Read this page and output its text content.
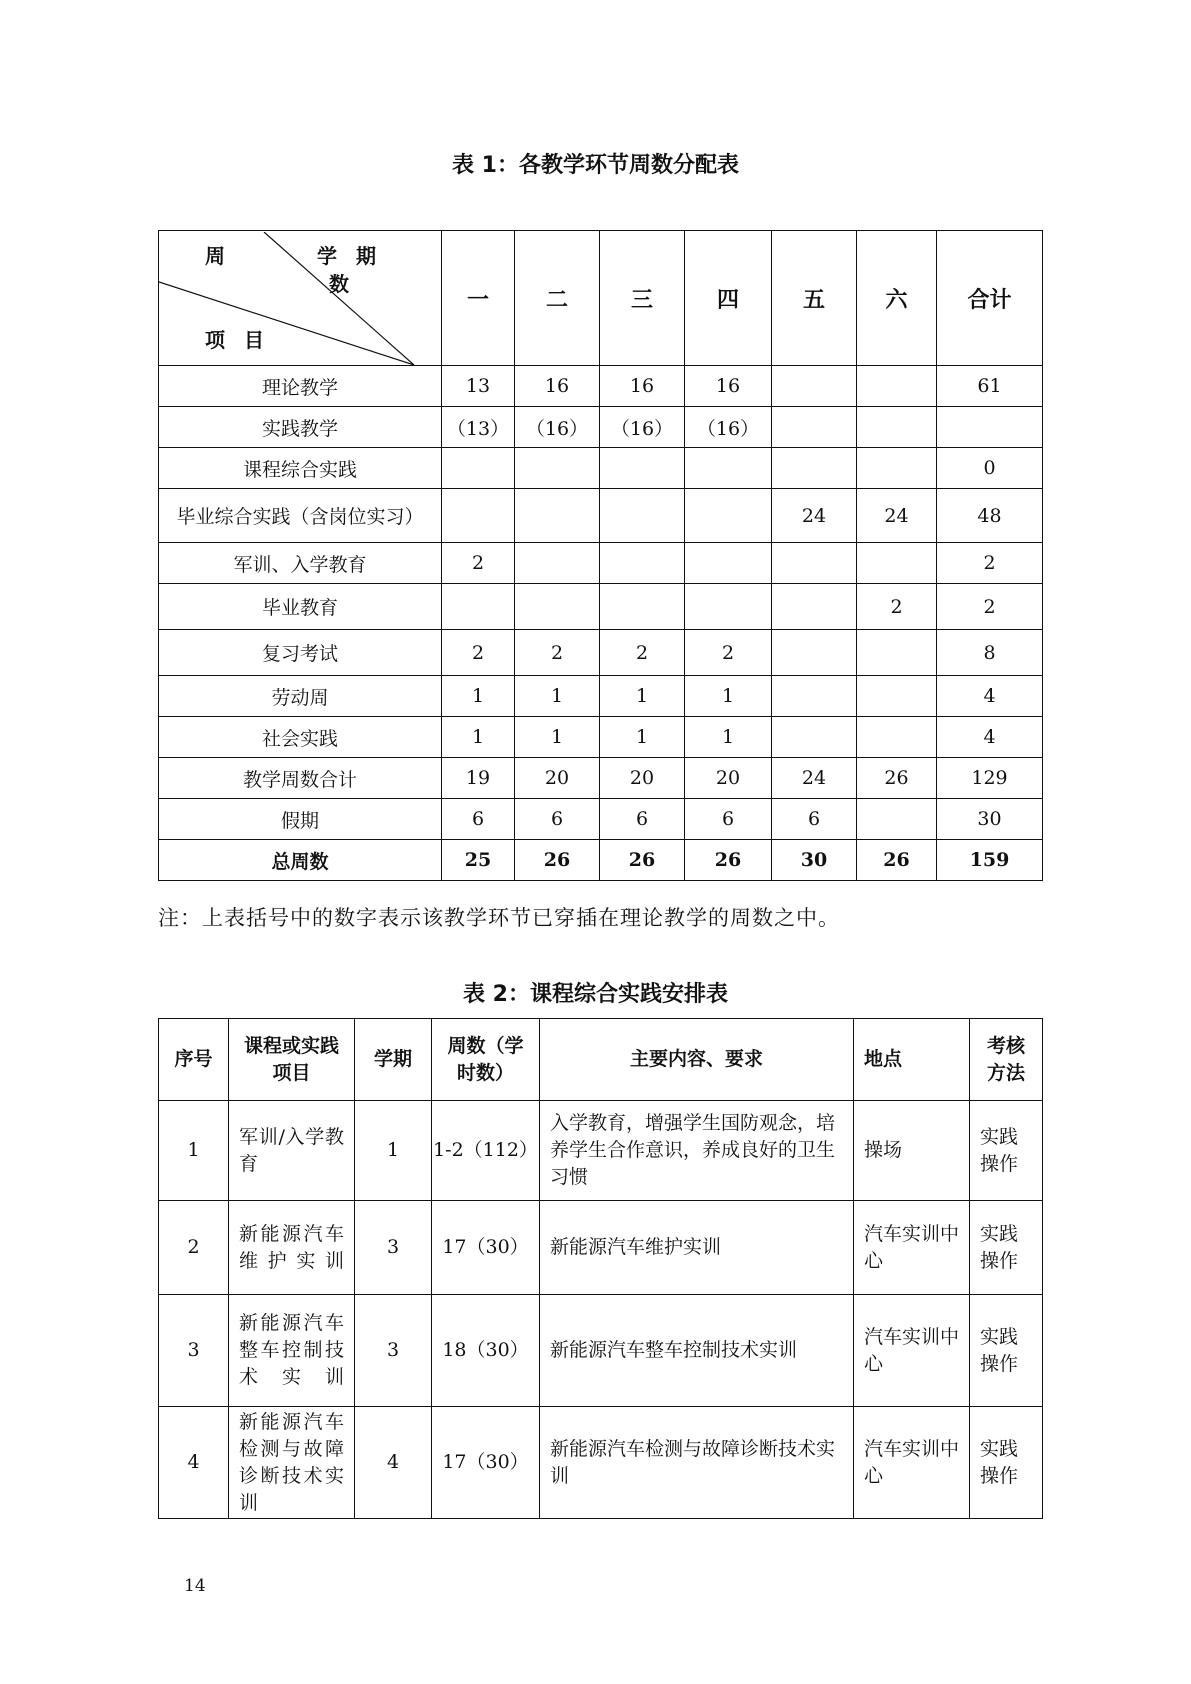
表 1：各教学环节周数分配表
周 学 期
数
项 目	一	二	三	四	五	六	合计
理论教学	13	16	16	16			61
实践教学	（13）	（16）	（16）	（16）			
课程综合实践							0
毕业综合实践（含岗位实习）					24	24	48
军训、入学教育	2						2
毕业教育						2	2
复习考试	2	2	2	2			8
劳动周	1	1	1	1			4
社会实践	1	1	1	1			4
教学周数合计	19	20	20	20	24	26	129
假期	6	6	6	6	6		30
总周数	25	26	26	26	30	26	159
注：上表括号中的数字表示该教学环节已穿插在理论教学的周数之中。
表 2：课程综合实践安排表
序号	课程或实践项目	学期	周数（学时数）	主要内容、要求	地点	考核方法
1	军训/入学教育	1	1-2（112）	入学教育，增强学生国防观念，培养学生合作意识，养成良好的卫生习惯	操场	实践操作
2	新能源汽车维护实训	3	17（30）	新能源汽车维护实训	汽车实训中心	实践操作
3	新能源汽车整车控制技术实训	3	18（30）	新能源汽车整车控制技术实训	汽车实训中心	实践操作
4	新能源汽车检测与故障诊断技术实训	4	17（30）	新能源汽车检测与故障诊断技术实训	汽车实训中心	实践操作
14
